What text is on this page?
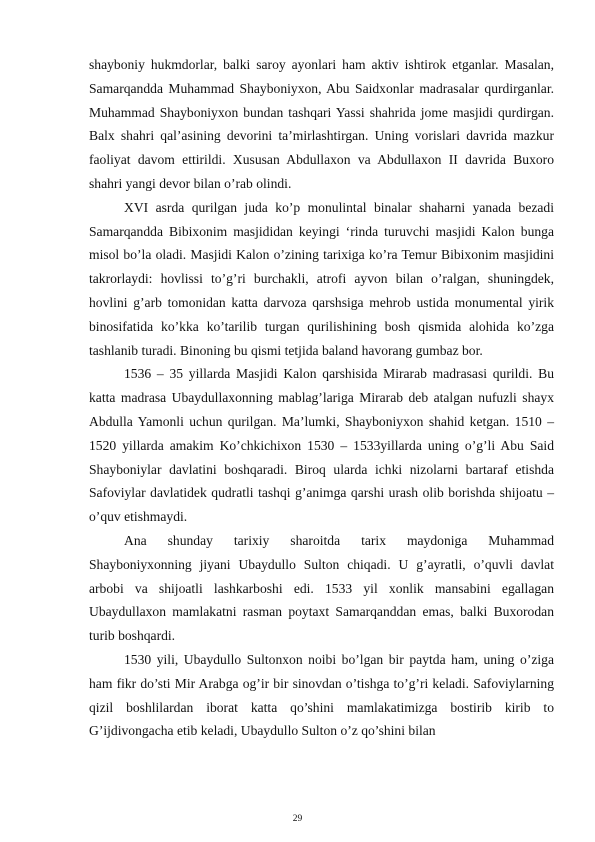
shayboniy hukmdorlar, balki saroy ayonlari ham aktiv ishtirok etganlar. Masalan, Samarqandda Muhammad Shayboniyxon, Abu Saidxonlar madrasalar qurdirganlar. Muhammad Shayboniyxon bundan tashqari Yassi shahrida jome masjidi qurdirgan. Balx shahri qal’asining devorini ta’mirlashtirgan. Uning vorislari davrida mazkur faoliyat davom ettirildi. Xususan Abdullaxon va Abdullaxon II davrida Buxoro shahri yangi devor bilan o’rab olindi.

XVI asrda qurilgan juda ko’p monulintal binalar shaharni yanada bezadi Samarqandda Bibixonim masjididan keyingi ‘rinda turuvchi masjidi Kalon bunga misol bo’la oladi. Masjidi Kalon o’zining tarixiga ko’ra Temur Bibixonim masjidini takrorlaydi: hovlissi to’g’ri burchakli, atrofi ayvon bilan o’ralgan, shuningdek, hovlini g’arb tomonidan katta darvoza qarshsiga mehrob ustida monumental yirik binosifatida ko’kka ko’tarilib turgan qurilishining bosh qismida alohida ko’zga tashlanib turadi. Binoning bu qismi tetjida baland havorang gumbaz bor.

1536 – 35 yillarda Masjidi Kalon qarshisida Mirarab madrasasi qurildi. Bu katta madrasa Ubaydullaxonning mablag’lariga Mirarab deb atalgan nufuzli shayx Abdulla Yamonli uchun qurilgan. Ma’lumki, Shayboniyxon shahid ketgan. 1510 – 1520 yillarda amakim Ko’chkichixon 1530 – 1533yillarda uning o’g’li Abu Said Shayboniylar davlatini boshqaradi. Biroq ularda ichki nizolarni bartaraf etishda Safoviylar davlatidek qudratli tashqi g’animga qarshi urash olib borishda shijoatu – o’quv etishmaydi.

Ana shunday tarixiy sharoitda tarix maydoniga Muhammad Shayboniyxonning jiyani Ubaydullo Sulton chiqadi. U g’ayratli, o’quvli davlat arbobi va shijoatli lashkarboshi edi. 1533 yil xonlik mansabini egallagan Ubaydullaxon mamlakatni rasman poytaxt Samarqanddan emas, balki Buxorodan turib boshqardi.

1530 yili, Ubaydullo Sultonxon noibi bo’lgan bir paytda ham, uning o’ziga ham fikr do’sti Mir Arabga og’ir bir sinovdan o’tishga to’g’ri keladi. Safoviylarning qizil boshlilardan iborat katta qo’shini mamlakatimizga bostirib kirib to G’ijdivongacha etib keladi, Ubaydullo Sulton o’z qo’shini bilan

29
